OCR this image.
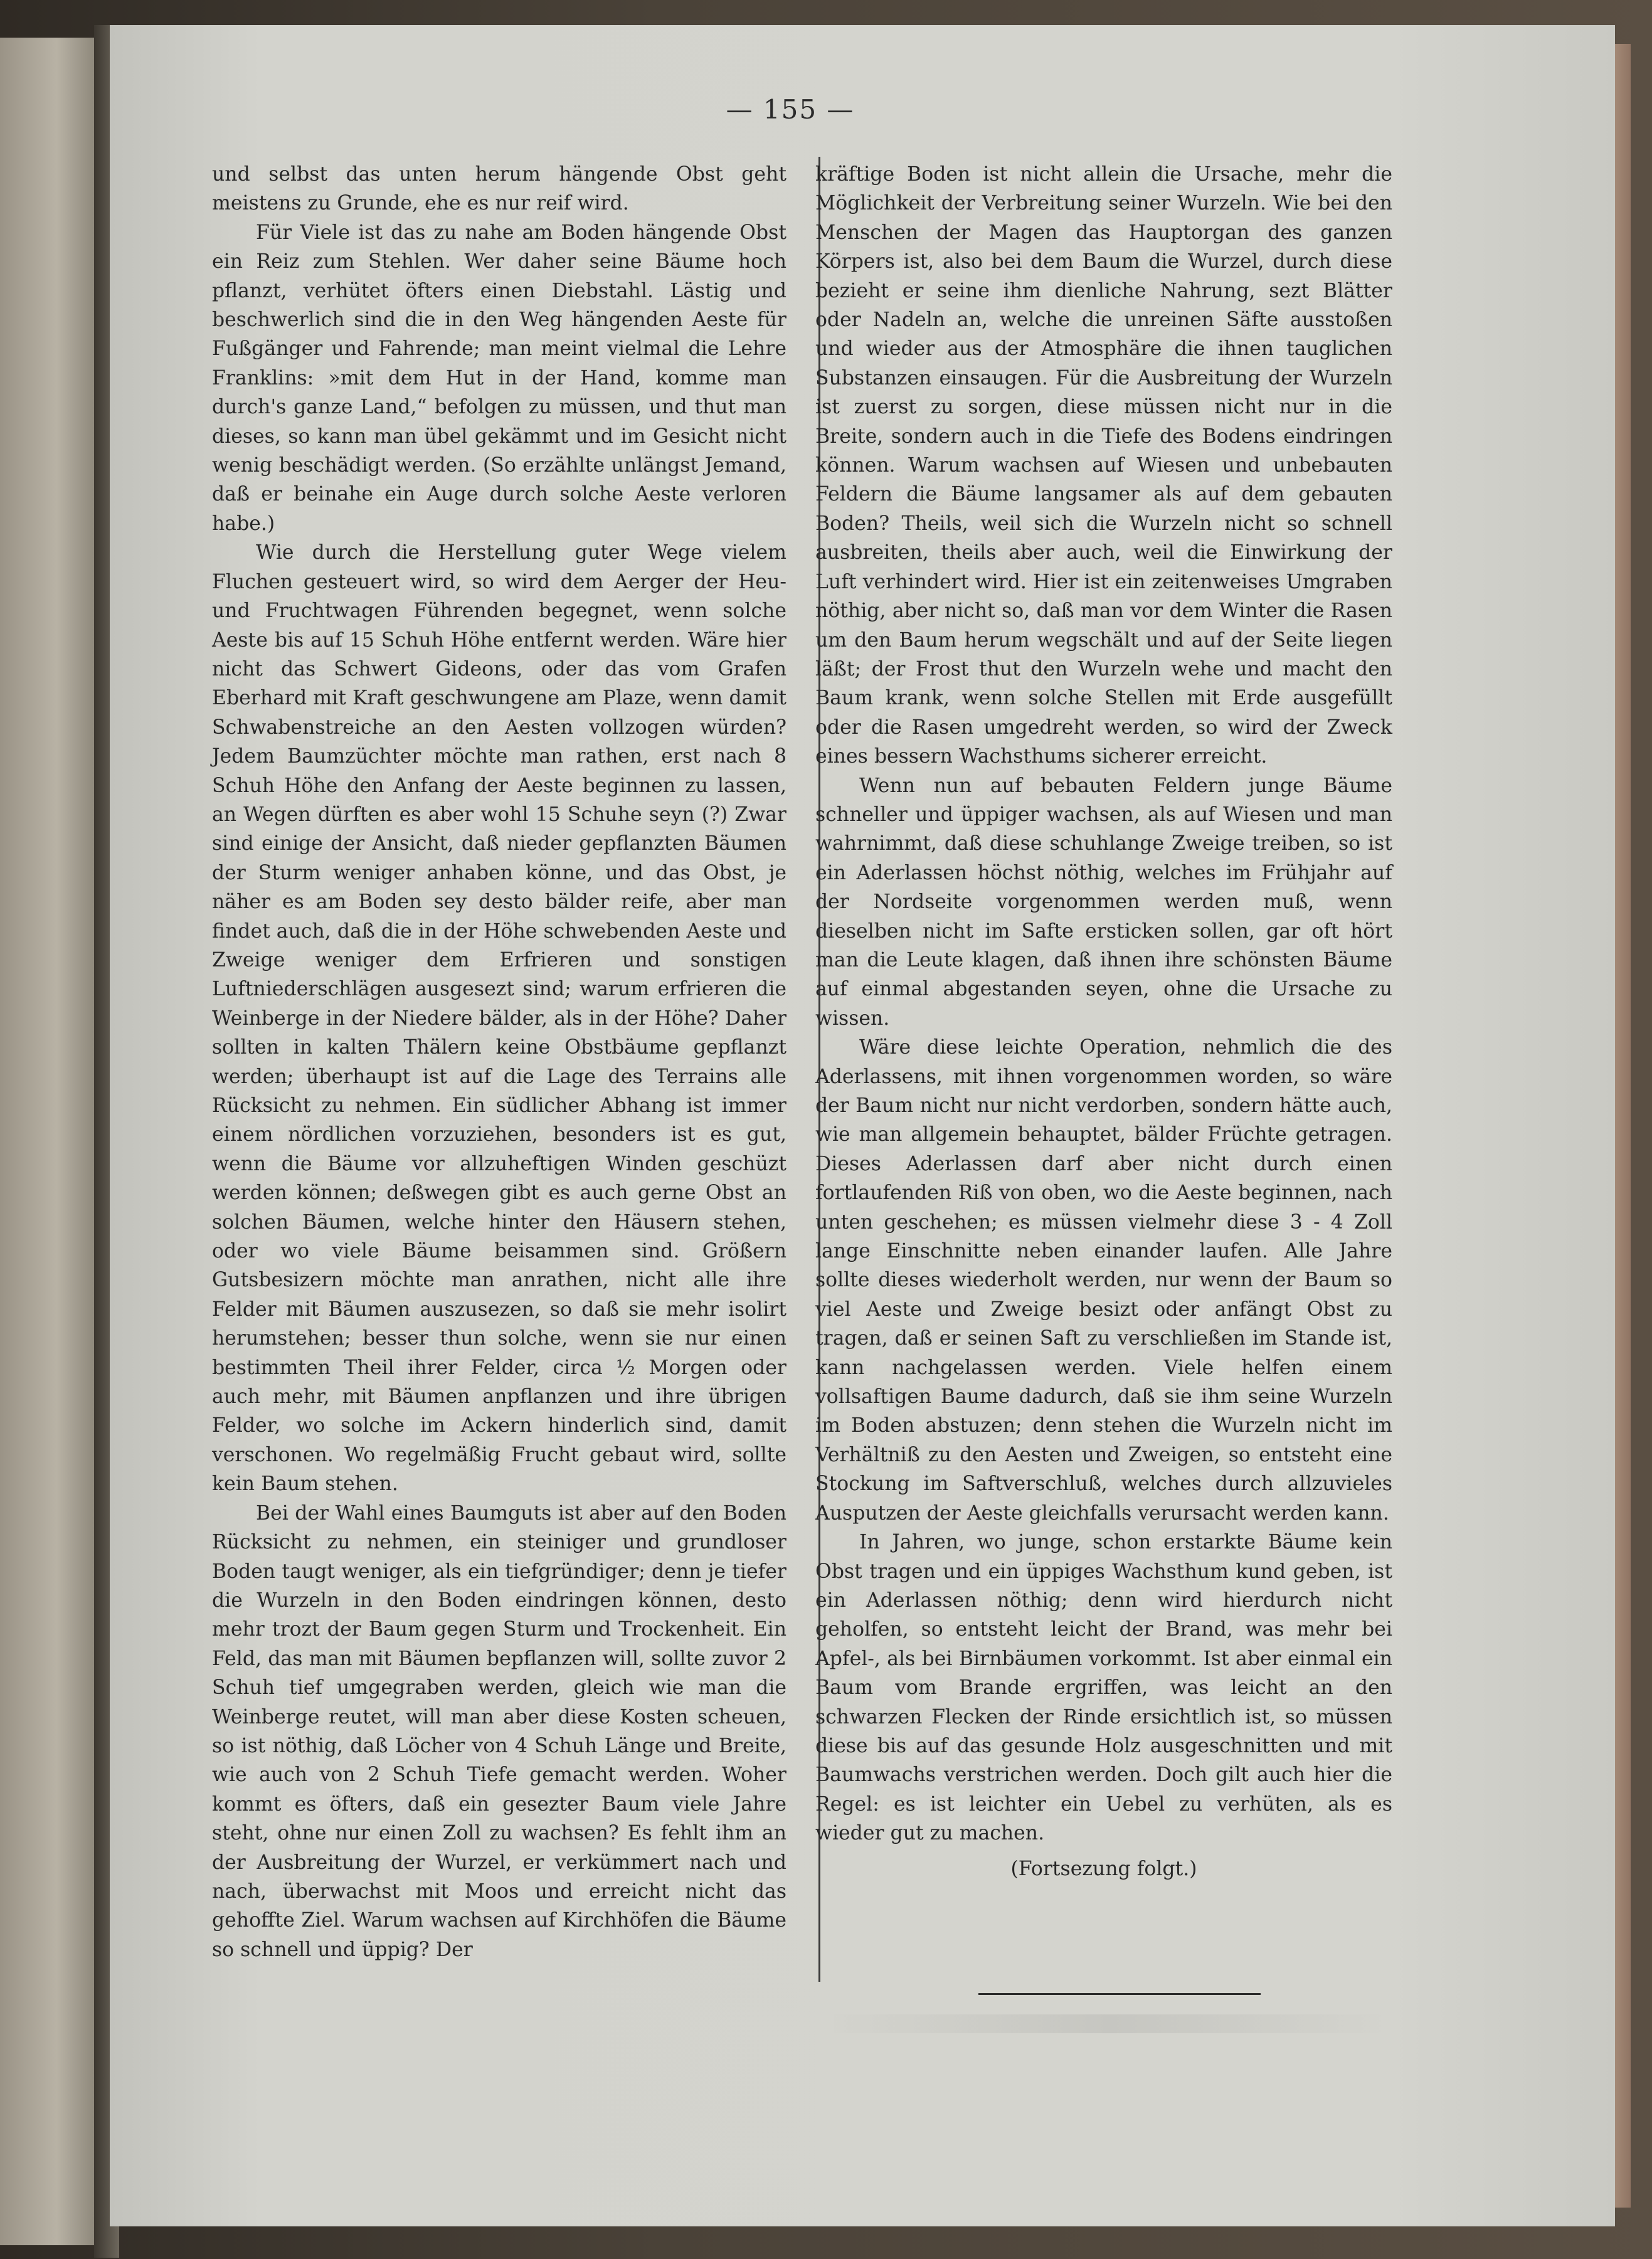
— 155 —

und selbst das unten herum hängende Obst geht meistens zu Grunde, ehe es nur reif wird.

Für Viele ist das zu nahe am Boden hängende Obst ein Reiz zum Stehlen. Wer daher seine Bäume hoch pflanzt, verhütet öfters einen Diebstahl. Lästig und beschwerlich sind die in den Weg hängenden Aeste für Fußgänger und Fahrende; man meint vielmal die Lehre Franklins: »mit dem Hut in der Hand, komme man durch's ganze Land,“ befolgen zu müssen, und thut man dieses, so kann man übel gekämmt und im Gesicht nicht wenig beschädigt werden. (So erzählte unlängst Jemand, daß er beinahe ein Auge durch solche Aeste verloren habe.)

Wie durch die Herstellung guter Wege vielem Fluchen gesteuert wird, so wird dem Aerger der Heu- und Fruchtwagen Führenden begegnet, wenn solche Aeste bis auf 15 Schuh Höhe entfernt werden. Wäre hier nicht das Schwert Gideons, oder das vom Grafen Eberhard mit Kraft geschwungene am Plaze, wenn damit Schwabenstreiche an den Aesten vollzogen würden? Jedem Baumzüchter möchte man rathen, erst nach 8 Schuh Höhe den Anfang der Aeste beginnen zu lassen, an Wegen dürften es aber wohl 15 Schuhe seyn (?) Zwar sind einige der Ansicht, daß nieder gepflanzten Bäumen der Sturm weniger anhaben könne, und das Obst, je näher es am Boden sey desto bälder reife, aber man findet auch, daß die in der Höhe schwebenden Aeste und Zweige weniger dem Erfrieren und sonstigen Luftniederschlägen ausgesezt sind; warum erfrieren die Weinberge in der Niedere bälder, als in der Höhe? Daher sollten in kalten Thälern keine Obstbäume gepflanzt werden; überhaupt ist auf die Lage des Terrains alle Rücksicht zu nehmen. Ein südlicher Abhang ist immer einem nördlichen vorzuziehen, besonders ist es gut, wenn die Bäume vor allzuheftigen Winden geschüzt werden können; deßwegen gibt es auch gerne Obst an solchen Bäumen, welche hinter den Häusern stehen, oder wo viele Bäume beisammen sind. Größern Gutsbesizern möchte man anrathen, nicht alle ihre Felder mit Bäumen auszusezen, so daß sie mehr isolirt herumstehen; besser thun solche, wenn sie nur einen bestimmten Theil ihrer Felder, circa ½ Morgen oder auch mehr, mit Bäumen anpflanzen und ihre übrigen Felder, wo solche im Ackern hinderlich sind, damit verschonen. Wo regelmäßig Frucht gebaut wird, sollte kein Baum stehen.

Bei der Wahl eines Baumguts ist aber auf den Boden Rücksicht zu nehmen, ein steiniger und grundloser Boden taugt weniger, als ein tiefgründiger; denn je tiefer die Wurzeln in den Boden eindringen können, desto mehr trozt der Baum gegen Sturm und Trockenheit. Ein Feld, das man mit Bäumen bepflanzen will, sollte zuvor 2 Schuh tief umgegraben werden, gleich wie man die Weinberge reutet, will man aber diese Kosten scheuen, so ist nöthig, daß Löcher von 4 Schuh Länge und Breite, wie auch von 2 Schuh Tiefe gemacht werden. Woher kommt es öfters, daß ein gesezter Baum viele Jahre steht, ohne nur einen Zoll zu wachsen? Es fehlt ihm an der Ausbreitung der Wurzel, er verkümmert nach und nach, überwachst mit Moos und erreicht nicht das gehoffte Ziel. Warum wachsen auf Kirchhöfen die Bäume so schnell und üppig? Der

kräftige Boden ist nicht allein die Ursache, mehr die Möglichkeit der Verbreitung seiner Wurzeln. Wie bei den Menschen der Magen das Hauptorgan des ganzen Körpers ist, also bei dem Baum die Wurzel, durch diese bezieht er seine ihm dienliche Nahrung, sezt Blätter oder Nadeln an, welche die unreinen Säfte ausstoßen und wieder aus der Atmosphäre die ihnen tauglichen Substanzen einsaugen. Für die Ausbreitung der Wurzeln ist zuerst zu sorgen, diese müssen nicht nur in die Breite, sondern auch in die Tiefe des Bodens eindringen können. Warum wachsen auf Wiesen und unbebauten Feldern die Bäume langsamer als auf dem gebauten Boden? Theils, weil sich die Wurzeln nicht so schnell ausbreiten, theils aber auch, weil die Einwirkung der Luft verhindert wird. Hier ist ein zeitenweises Umgraben nöthig, aber nicht so, daß man vor dem Winter die Rasen um den Baum herum wegschält und auf der Seite liegen läßt; der Frost thut den Wurzeln wehe und macht den Baum krank, wenn solche Stellen mit Erde ausgefüllt oder die Rasen umgedreht werden, so wird der Zweck eines bessern Wachsthums sicherer erreicht.

Wenn nun auf bebauten Feldern junge Bäume schneller und üppiger wachsen, als auf Wiesen und man wahrnimmt, daß diese schuhlange Zweige treiben, so ist ein Aderlassen höchst nöthig, welches im Frühjahr auf der Nordseite vorgenommen werden muß, wenn dieselben nicht im Safte ersticken sollen, gar oft hört man die Leute klagen, daß ihnen ihre schönsten Bäume auf einmal abgestanden seyen, ohne die Ursache zu wissen.

Wäre diese leichte Operation, nehmlich die des Aderlassens, mit ihnen vorgenommen worden, so wäre der Baum nicht nur nicht verdorben, sondern hätte auch, wie man allgemein behauptet, bälder Früchte getragen. Dieses Aderlassen darf aber nicht durch einen fortlaufenden Riß von oben, wo die Aeste beginnen, nach unten geschehen; es müssen vielmehr diese 3 - 4 Zoll lange Einschnitte neben einander laufen. Alle Jahre sollte dieses wiederholt werden, nur wenn der Baum so viel Aeste und Zweige besizt oder anfängt Obst zu tragen, daß er seinen Saft zu verschließen im Stande ist, kann nachgelassen werden. Viele helfen einem vollsaftigen Baume dadurch, daß sie ihm seine Wurzeln im Boden abstuzen; denn stehen die Wurzeln nicht im Verhältniß zu den Aesten und Zweigen, so entsteht eine Stockung im Saftverschluß, welches durch allzuvieles Ausputzen der Aeste gleichfalls verursacht werden kann.

In Jahren, wo junge, schon erstarkte Bäume kein Obst tragen und ein üppiges Wachsthum kund geben, ist ein Aderlassen nöthig; denn wird hierdurch nicht geholfen, so entsteht leicht der Brand, was mehr bei Apfel-, als bei Birnbäumen vorkommt. Ist aber einmal ein Baum vom Brande ergriffen, was leicht an den schwarzen Flecken der Rinde ersichtlich ist, so müssen diese bis auf das gesunde Holz ausgeschnitten und mit Baumwachs verstrichen werden. Doch gilt auch hier die Regel: es ist leichter ein Uebel zu verhüten, als es wieder gut zu machen.

(Fortsezung folgt.)
